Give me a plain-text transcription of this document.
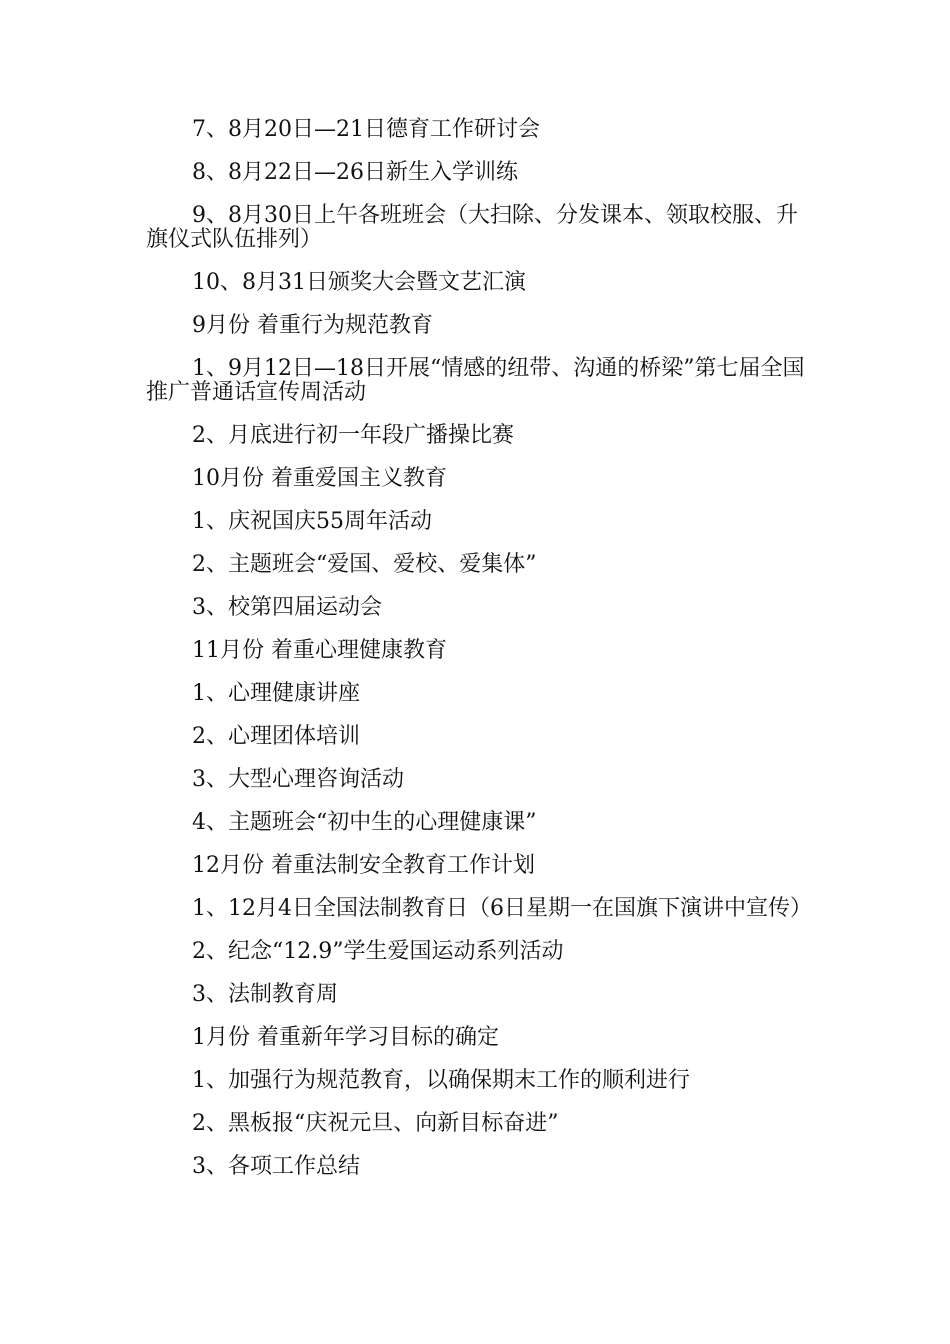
7、8月20日—21日德育工作研讨会

8、8月22日—26日新生入学训练

9、8月30日上午各班班会（大扫除、分发课本、领取校服、升旗仪式队伍排列）

10、8月31日颁奖大会暨文艺汇演

9月份 着重行为规范教育

1、9月12日—18日开展“情感的纽带、沟通的桥梁”第七届全国推广普通话宣传周活动

2、月底进行初一年段广播操比赛

10月份 着重爱国主义教育

1、庆祝国庆55周年活动

2、主题班会“爱国、爱校、爱集体”

3、校第四届运动会

11月份 着重心理健康教育

1、心理健康讲座

2、心理团体培训

3、大型心理咨询活动

4、主题班会“初中生的心理健康课”

12月份 着重法制安全教育工作计划

1、12月4日全国法制教育日（6日星期一在国旗下演讲中宣传）

2、纪念“12.9”学生爱国运动系列活动

3、法制教育周

1月份 着重新年学习目标的确定

1、加强行为规范教育，以确保期末工作的顺利进行

2、黑板报“庆祝元旦、向新目标奋进”

3、各项工作总结
